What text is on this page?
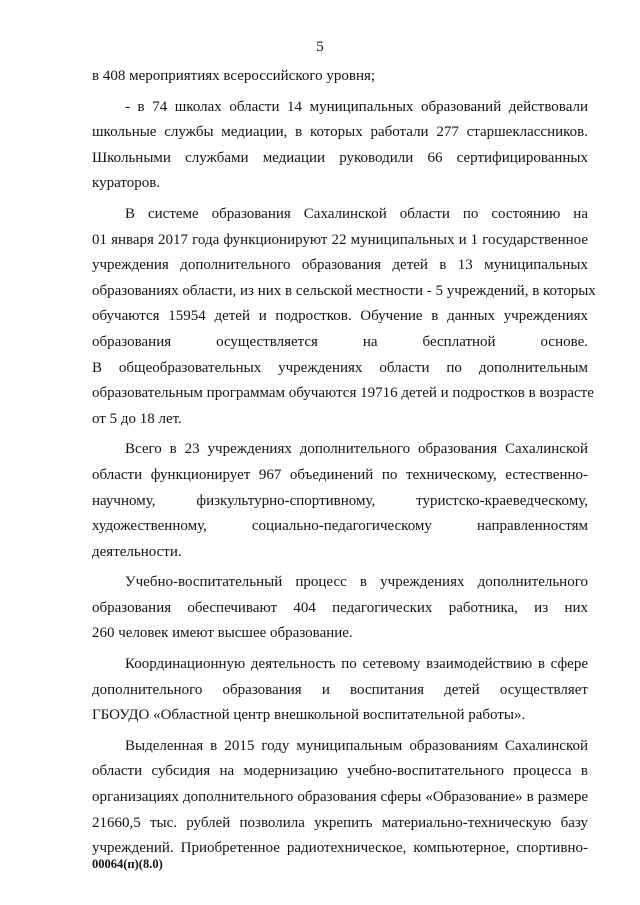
5
в 408 мероприятиях всероссийского уровня;
- в 74 школах области 14 муниципальных образований действовали
школьные службы медиации, в которых работали 277 старшеклассников.
Школьными службами медиации руководили 66 сертифицированных
кураторов.
В системе образования Сахалинской области по состоянию на
01 января 2017 года функционируют 22 муниципальных и 1 государственное
учреждения дополнительного образования детей в 13 муниципальных
образованиях области, из них в сельской местности - 5 учреждений, в которых
обучаются 15954 детей и подростков. Обучение в данных учреждениях
образования осуществляется на бесплатной основе.
В общеобразовательных учреждениях области по дополнительным
образовательным программам обучаются 19716 детей и подростков в возрасте
от 5 до 18 лет.
Всего в 23 учреждениях дополнительного образования Сахалинской
области функционирует 967 объединений по техническому, естественно-
научному, физкультурно-спортивному, туристско-краеведческому,
художественному, социально-педагогическому направленностям
деятельности.
Учебно-воспитательный процесс в учреждениях дополнительного
образования обеспечивают 404 педагогических работника, из них
260 человек имеют высшее образование.
Координационную деятельность по сетевому взаимодействию в сфере
дополнительного образования и воспитания детей осуществляет
ГБОУДО «Областной центр внешкольной воспитательной работы».
Выделенная в 2015 году муниципальным образованиям Сахалинской
области субсидия на модернизацию учебно-воспитательного процесса в
организациях дополнительного образования сферы «Образование» в размере
21660,5 тыс. рублей позволила укрепить материально-техническую базу
учреждений. Приобретенное радиотехническое, компьютерное, спортивно-
00064(п)(8.0)
